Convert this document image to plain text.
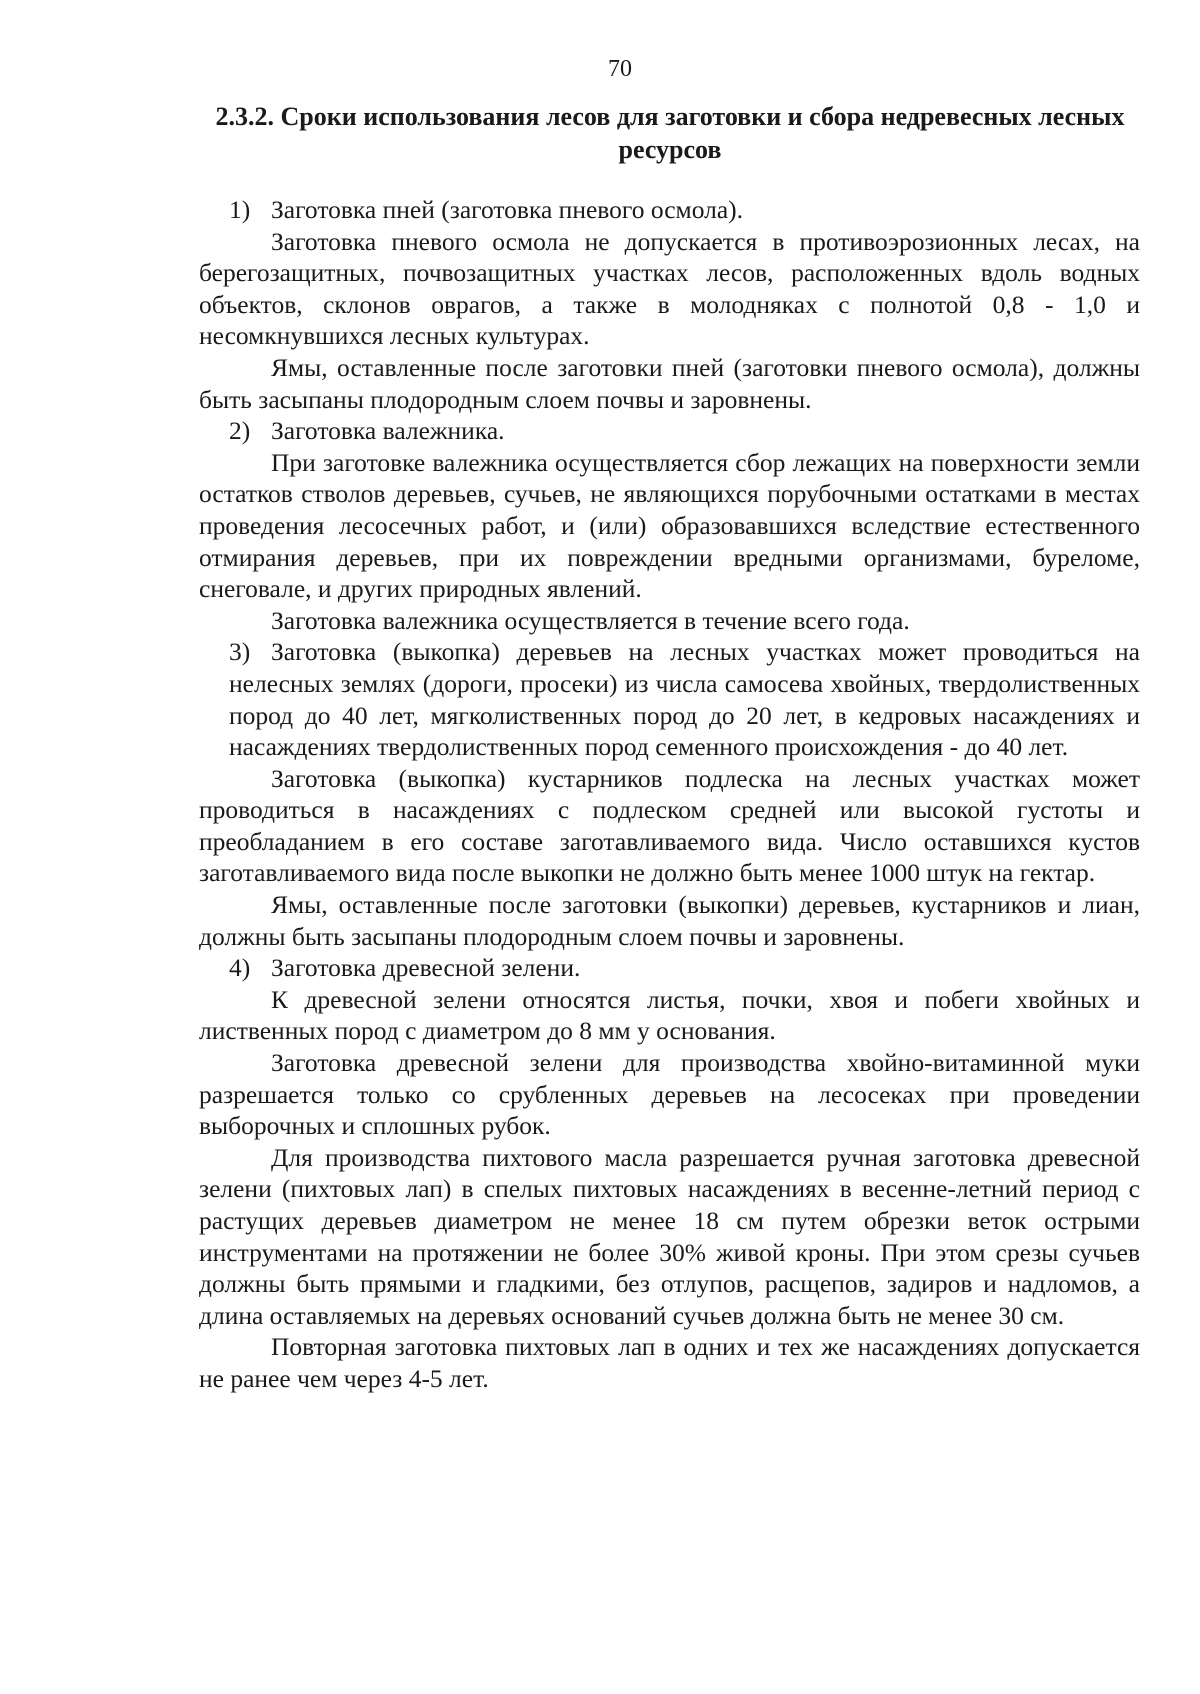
70
2.3.2. Сроки использования лесов для заготовки и сбора недревесных лесных ресурсов

1) Заготовка пней (заготовка пневого осмола).

Заготовка пневого осмола не допускается в противоэрозионных лесах, на берегозащитных, почвозащитных участках лесов, расположенных вдоль водных объектов, склонов оврагов, а также в молодняках с полнотой 0,8 - 1,0 и несомкнувшихся лесных культурах.

Ямы, оставленные после заготовки пней (заготовки пневого осмола), должны быть засыпаны плодородным слоем почвы и заровнены.

2) Заготовка валежника.

При заготовке валежника осуществляется сбор лежащих на поверхности земли остатков стволов деревьев, сучьев, не являющихся порубочными остатками в местах проведения лесосечных работ, и (или) образовавшихся вследствие естественного отмирания деревьев, при их повреждении вредными организмами, буреломе, снеговале, и других природных явлений.

Заготовка валежника осуществляется в течение всего года.

3) Заготовка (выкопка) деревьев на лесных участках может проводиться на нелесных землях (дороги, просеки) из числа самосева хвойных, твердолиственных пород до 40 лет, мягколиственных пород до 20 лет, в кедровых насаждениях и насаждениях твердолиственных пород семенного происхождения - до 40 лет.

Заготовка (выкопка) кустарников подлеска на лесных участках может проводиться в насаждениях с подлеском средней или высокой густоты и преобладанием в его составе заготавливаемого вида. Число оставшихся кустов заготавливаемого вида после выкопки не должно быть менее 1000 штук на гектар.

Ямы, оставленные после заготовки (выкопки) деревьев, кустарников и лиан, должны быть засыпаны плодородным слоем почвы и заровнены.

4) Заготовка древесной зелени.

К древесной зелени относятся листья, почки, хвоя и побеги хвойных и лиственных пород с диаметром до 8 мм у основания.

Заготовка древесной зелени для производства хвойно-витаминной муки разрешается только со срубленных деревьев на лесосеках при проведении выборочных и сплошных рубок.

Для производства пихтового масла разрешается ручная заготовка древесной зелени (пихтовых лап) в спелых пихтовых насаждениях в весенне-летний период с растущих деревьев диаметром не менее 18 см путем обрезки веток острыми инструментами на протяжении не более 30% живой кроны. При этом срезы сучьев должны быть прямыми и гладкими, без отлупов, расщепов, задиров и надломов, а длина оставляемых на деревьях оснований сучьев должна быть не менее 30 см.

Повторная заготовка пихтовых лап в одних и тех же насаждениях допускается не ранее чем через 4-5 лет.
